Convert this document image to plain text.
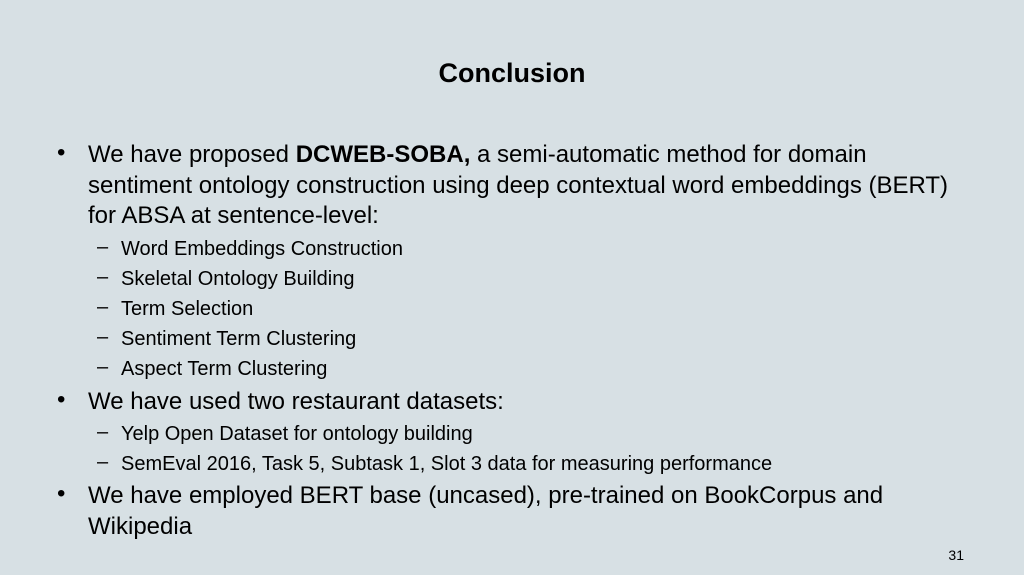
Conclusion
• We have proposed DCWEB-SOBA, a semi-automatic method for domain sentiment ontology construction using deep contextual word embeddings (BERT) for ABSA at sentence-level:
– Word Embeddings Construction
– Skeletal Ontology Building
– Term Selection
– Sentiment Term Clustering
– Aspect Term Clustering
• We have used two restaurant datasets:
– Yelp Open Dataset for ontology building
– SemEval 2016, Task 5, Subtask 1, Slot 3 data for measuring performance
• We have employed BERT base (uncased), pre-trained on BookCorpus and Wikipedia
31
